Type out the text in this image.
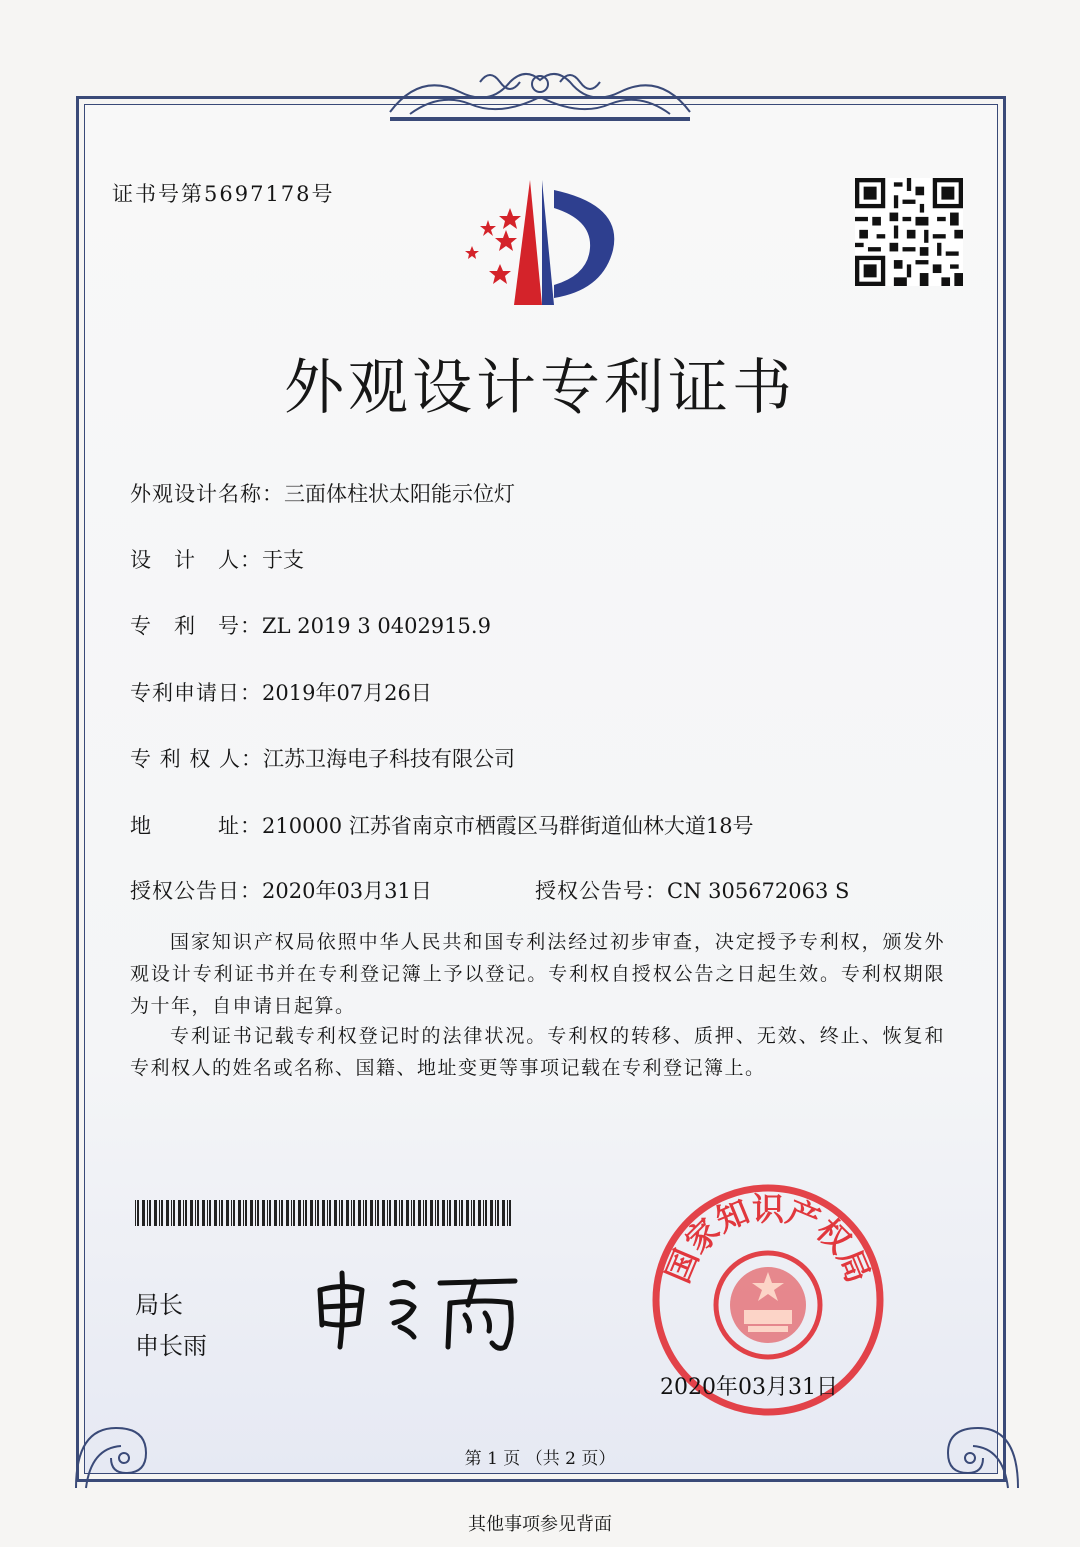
证书号第5697178号
外观设计专利证书
外观设计名称：三面体柱状太阳能示位灯
设　计　人：于支
专　利　号：ZL 2019 3 0402915.9
专利申请日：2019年07月26日
专 利 权 人：江苏卫海电子科技有限公司
地　　　址：210000 江苏省南京市栖霞区马群街道仙林大道18号
授权公告日：2020年03月31日	授权公告号：CN 305672063 S
国家知识产权局依照中华人民共和国专利法经过初步审查，决定授予专利权，颁发外观设计专利证书并在专利登记簿上予以登记。专利权自授权公告之日起生效。专利权期限为十年，自申请日起算。
专利证书记载专利权登记时的法律状况。专利权的转移、质押、无效、终止、恢复和专利权人的姓名或名称、国籍、地址变更等事项记载在专利登记簿上。
局长
申长雨
国家知识产权局
2020年03月31日
第 1 页 （共 2 页）
其他事项参见背面
